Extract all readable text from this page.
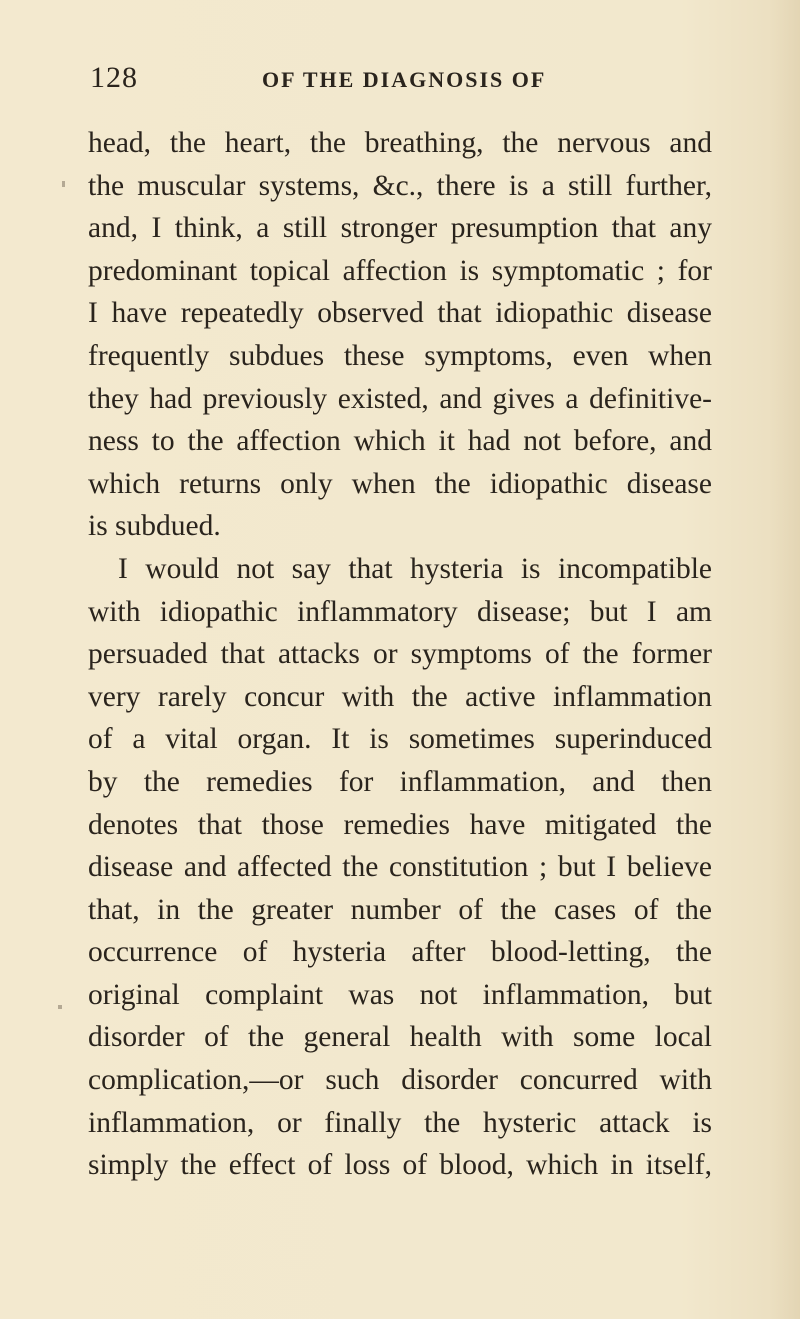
128	OF THE DIAGNOSIS OF
head, the heart, the breathing, the nervous and
the muscular systems, &c., there is a still further,
and, I think, a still stronger presumption that any
predominant topical affection is symptomatic ; for
I have repeatedly observed that idiopathic disease
frequently subdues these symptoms, even when
they had previously existed, and gives a definitive-
ness to the affection which it had not before, and
which returns only when the idiopathic disease
is subdued.
I would not say that hysteria is incompatible
with idiopathic inflammatory disease; but I am
persuaded that attacks or symptoms of the former
very rarely concur with the active inflammation
of a vital organ. It is sometimes superinduced
by the remedies for inflammation, and then
denotes that those remedies have mitigated the
disease and affected the constitution ; but I believe
that, in the greater number of the cases of the
occurrence of hysteria after blood-letting, the
original complaint was not inflammation, but
disorder of the general health with some local
complication,—or such disorder concurred with
inflammation, or finally the hysteric attack is
simply the effect of loss of blood, which in itself,
